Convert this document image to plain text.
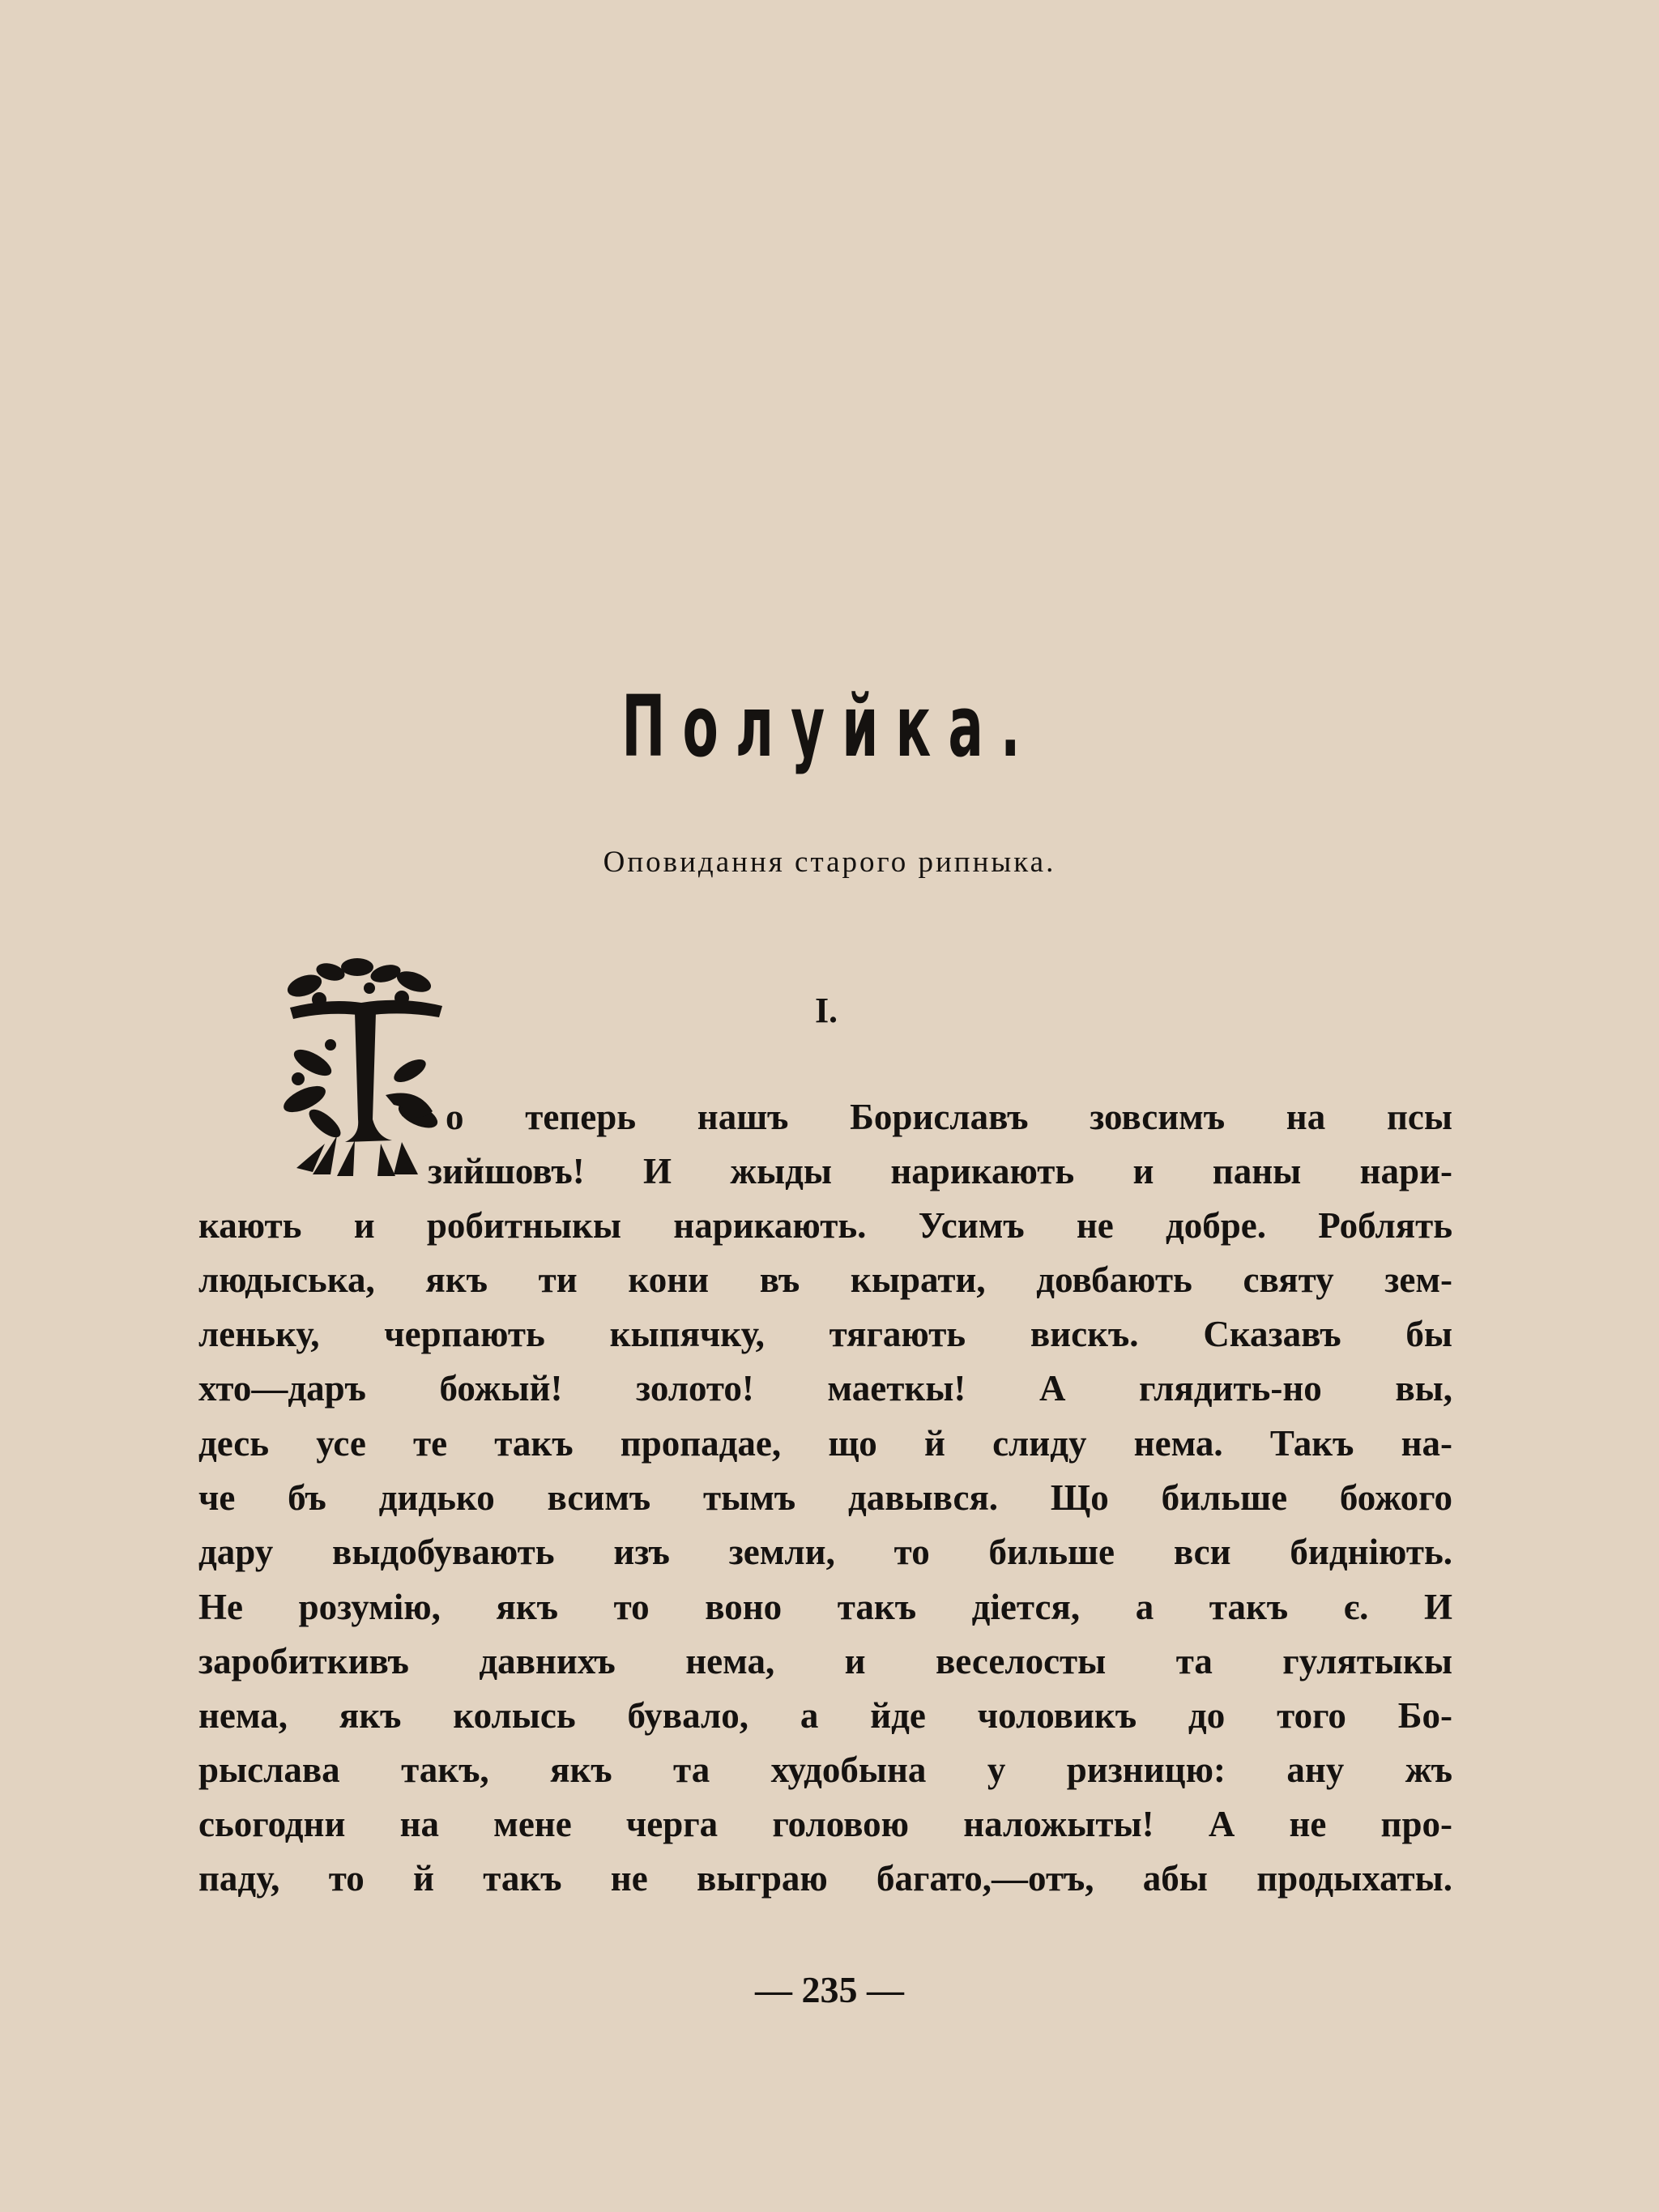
Полуйка.
Оповидання старого рипныка.
I.
о теперь нашъ Бориславъ зовсимъ на псы
зийшовъ! И жыды нарикають и паны нари-
кають и робитныкы нарикають. Усимъ не добре. Роблять
людыська, якъ ти кони въ кырати, довбають святу зем-
леньку, черпають кыпячку, тягають вискъ. Сказавъ бы
хто—даръ божый! золото! маеткы! А глядить-но вы,
десь усе те такъ пропадае, що й слиду нема. Такъ на-
че бъ дидько всимъ тымъ давывся. Що бильше божого
дару выдобувають изъ земли, то бильше вси биднiють.
Не розумiю, якъ то воно такъ дiется, а такъ є. И
заробиткивъ давнихъ нема, и веселосты та гулятыкы
нема, якъ колысь бувало, а йде чоловикъ до того Бо-
рыслава такъ, якъ та худобына у ризницю: ану жъ
сьогодни на мене черга головою наложыты! А не про-
паду, то й такъ не выграю багато,—отъ, абы продыхаты.
— 235 —
